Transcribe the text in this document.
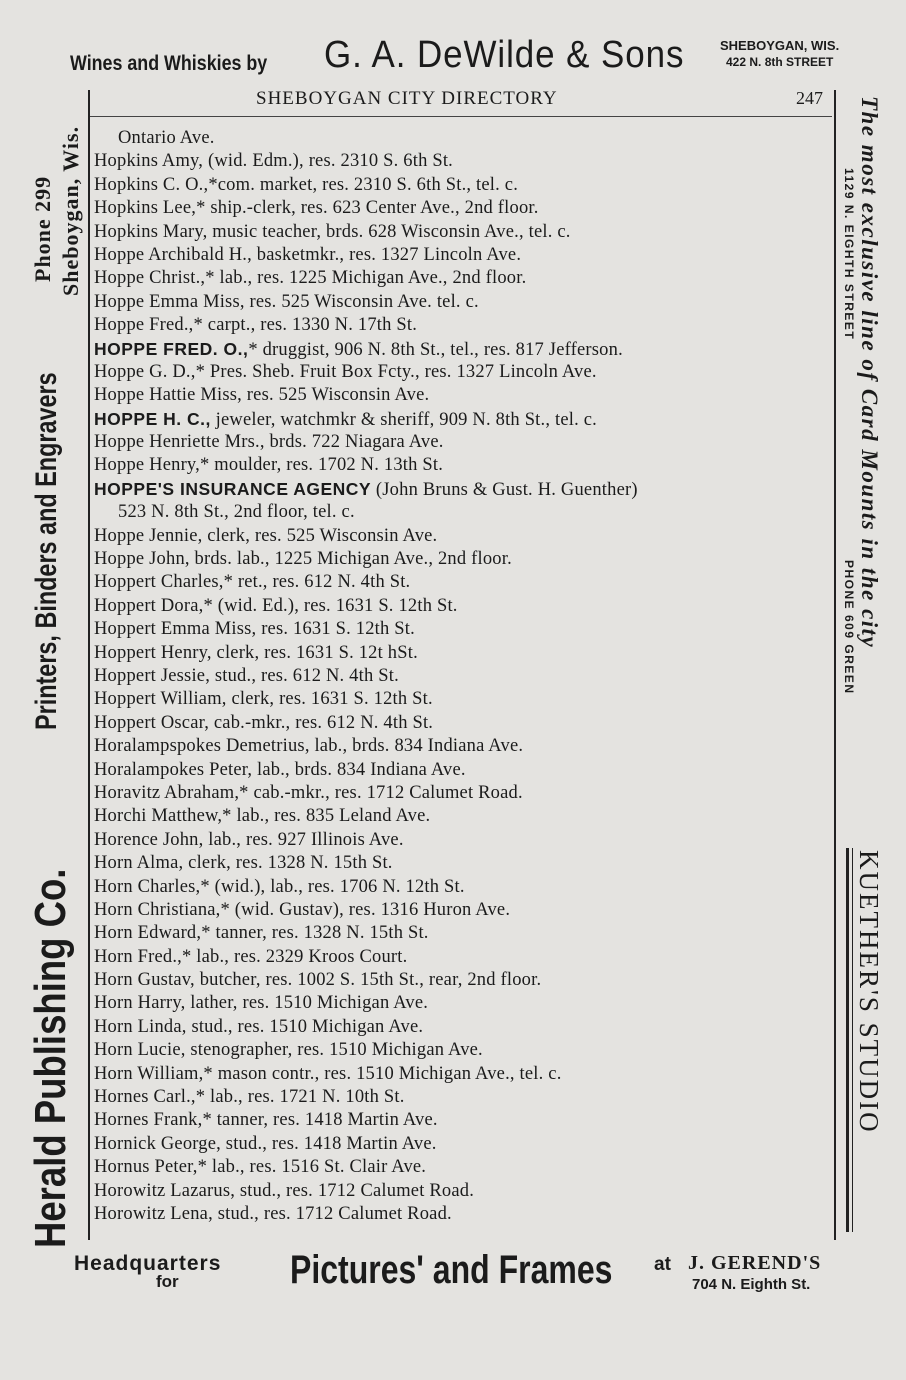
Wines and Whiskies by G. A. DeWilde & Sons	SHEBOYGAN, WIS.
422 N. 8th STREET
SHEBOYGAN CITY DIRECTORY	247
Ontario Ave.
Hopkins Amy, (wid. Edm.), res. 2310 S. 6th St.
Hopkins C. O.,*com. market, res. 2310 S. 6th St., tel. c.
Hopkins Lee,* ship.-clerk, res. 623 Center Ave., 2nd floor.
Hopkins Mary, music teacher, brds. 628 Wisconsin Ave., tel. c.
Hoppe Archibald H., basketmkr., res. 1327 Lincoln Ave.
Hoppe Christ.,* lab., res. 1225 Michigan Ave., 2nd floor.
Hoppe Emma Miss, res. 525 Wisconsin Ave. tel. c.
Hoppe Fred.,* carpt., res. 1330 N. 17th St.
HOPPE FRED. O.,* druggist, 906 N. 8th St., tel., res. 817 Jefferson.
Hoppe G. D.,* Pres. Sheb. Fruit Box Fcty., res. 1327 Lincoln Ave.
Hoppe Hattie Miss, res. 525 Wisconsin Ave.
HOPPE H. C., jeweler, watchmkr & sheriff, 909 N. 8th St., tel. c.
Hoppe Henriette Mrs., brds. 722 Niagara Ave.
Hoppe Henry,* moulder, res. 1702 N. 13th St.
HOPPE'S INSURANCE AGENCY (John Bruns & Gust. H. Guenther)
523 N. 8th St., 2nd floor, tel. c.
Hoppe Jennie, clerk, res. 525 Wisconsin Ave.
Hoppe John, brds. lab., 1225 Michigan Ave., 2nd floor.
Hoppert Charles,* ret., res. 612 N. 4th St.
Hoppert Dora,* (wid. Ed.), res. 1631 S. 12th St.
Hoppert Emma Miss, res. 1631 S. 12th St.
Hoppert Henry, clerk, res. 1631 S. 12t hSt.
Hoppert Jessie, stud., res. 612 N. 4th St.
Hoppert William, clerk, res. 1631 S. 12th St.
Hoppert Oscar, cab.-mkr., res. 612 N. 4th St.
Horalampspokes Demetrius, lab., brds. 834 Indiana Ave.
Horalampokes Peter, lab., brds. 834 Indiana Ave.
Horavitz Abraham,* cab.-mkr., res. 1712 Calumet Road.
Horchi Matthew,* lab., res. 835 Leland Ave.
Horence John, lab., res. 927 Illinois Ave.
Horn Alma, clerk, res. 1328 N. 15th St.
Horn Charles,* (wid.), lab., res. 1706 N. 12th St.
Horn Christiana,* (wid. Gustav), res. 1316 Huron Ave.
Horn Edward,* tanner, res. 1328 N. 15th St.
Horn Fred.,* lab., res. 2329 Kroos Court.
Horn Gustav, butcher, res. 1002 S. 15th St., rear, 2nd floor.
Horn Harry, lather, res. 1510 Michigan Ave.
Horn Linda, stud., res. 1510 Michigan Ave.
Horn Lucie, stenographer, res. 1510 Michigan Ave.
Horn William,* mason contr., res. 1510 Michigan Ave., tel. c.
Hornes Carl.,* lab., res. 1721 N. 10th St.
Hornes Frank,* tanner, res. 1418 Martin Ave.
Hornick George, stud., res. 1418 Martin Ave.
Hornus Peter,* lab., res. 1516 St. Clair Ave.
Horowitz Lazarus, stud., res. 1712 Calumet Road.
Horowitz Lena, stud., res. 1712 Calumet Road.
Phone 299 Sheboygan, Wis.
Printers, Binders and Engravers
Herald Publishing Co.
The most exclusive line of Card Mounts in the city
1129 N. EIGHTH STREET
PHONE 609 GREEN
KUETHER'S STUDIO
Headquarters
for	Pictures' and Frames at J. GEREND'S
704 N. Eighth St.
